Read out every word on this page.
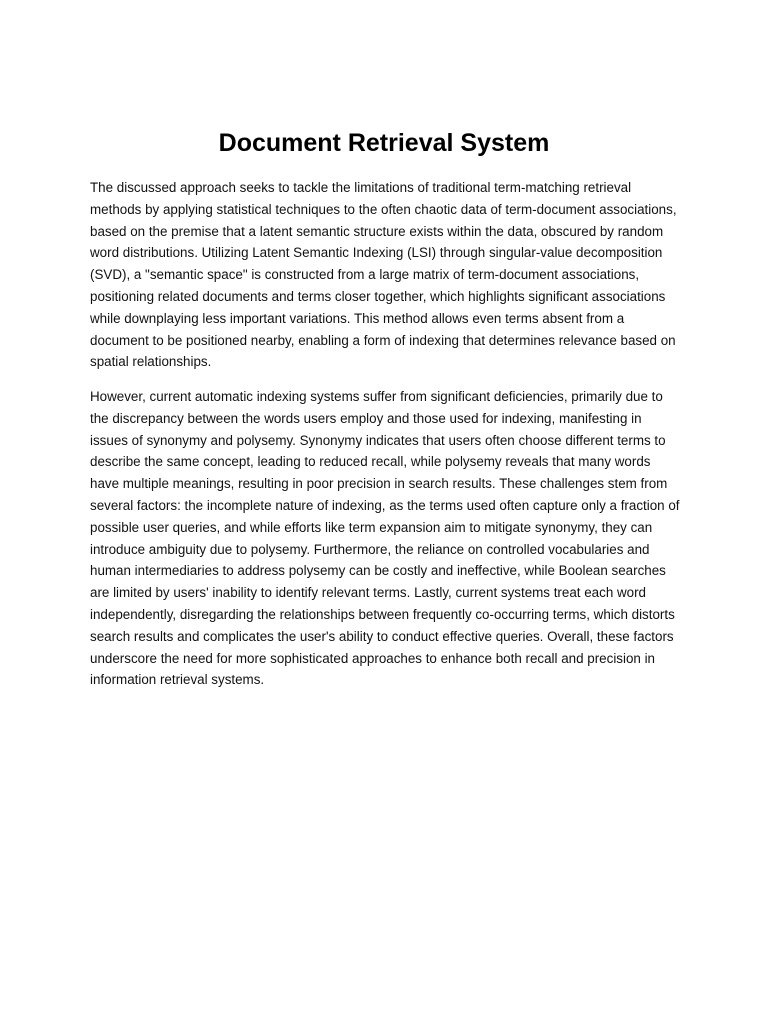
Document Retrieval System

The discussed approach seeks to tackle the limitations of traditional term-matching retrieval methods by applying statistical techniques to the often chaotic data of term-document associations, based on the premise that a latent semantic structure exists within the data, obscured by random word distributions. Utilizing Latent Semantic Indexing (LSI) through singular-value decomposition (SVD), a "semantic space" is constructed from a large matrix of term-document associations, positioning related documents and terms closer together, which highlights significant associations while downplaying less important variations. This method allows even terms absent from a document to be positioned nearby, enabling a form of indexing that determines relevance based on spatial relationships.

However, current automatic indexing systems suffer from significant deficiencies, primarily due to the discrepancy between the words users employ and those used for indexing, manifesting in issues of synonymy and polysemy. Synonymy indicates that users often choose different terms to describe the same concept, leading to reduced recall, while polysemy reveals that many words have multiple meanings, resulting in poor precision in search results. These challenges stem from several factors: the incomplete nature of indexing, as the terms used often capture only a fraction of possible user queries, and while efforts like term expansion aim to mitigate synonymy, they can introduce ambiguity due to polysemy. Furthermore, the reliance on controlled vocabularies and human intermediaries to address polysemy can be costly and ineffective, while Boolean searches are limited by users' inability to identify relevant terms. Lastly, current systems treat each word independently, disregarding the relationships between frequently co-occurring terms, which distorts search results and complicates the user's ability to conduct effective queries. Overall, these factors underscore the need for more sophisticated approaches to enhance both recall and precision in information retrieval systems.
